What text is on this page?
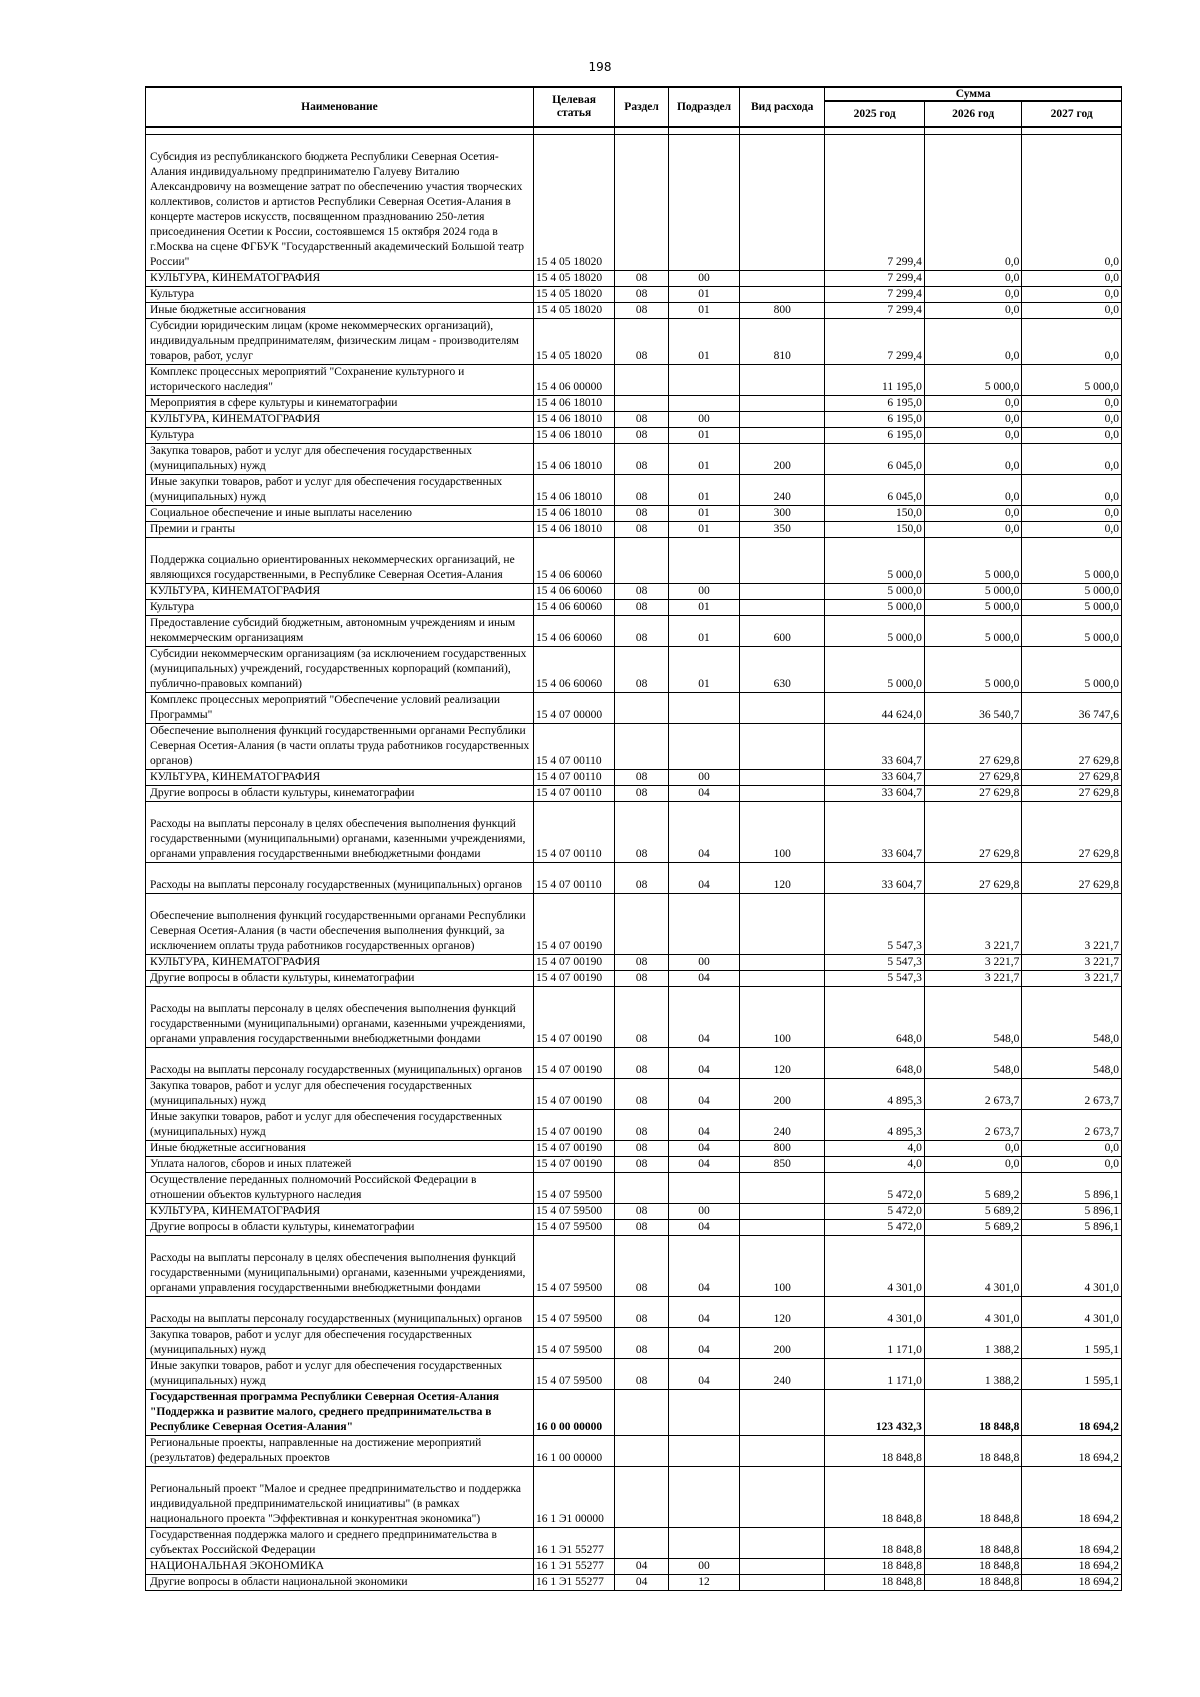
198
Наименование	Целевая статья	Раздел	Подраздел	Вид расхода	Сумма		
					2025 год	2026 год	2027 год

Субсидия из республиканского бюджета Республики Северная Осетия-Алания индивидуальному предпринимателю Галуеву Виталию Александровичу на возмещение затрат по обеспечению участия творческих коллективов, солистов и артистов Республики Северная Осетия-Алания в концерте мастеров искусств, посвященном празднованию 250-летия присоединения Осетии к России, состоявшемся 15 октября 2024 года в г.Москва на сцене ФГБУК "Государственный академический Большой театр России"	15 4 05 18020				7 299,4	0,0	0,0
КУЛЬТУРА, КИНЕМАТОГРАФИЯ	15 4 05 18020	08	00		7 299,4	0,0	0,0
Культура	15 4 05 18020	08	01		7 299,4	0,0	0,0
Иные бюджетные ассигнования	15 4 05 18020	08	01	800	7 299,4	0,0	0,0
Субсидии юридическим лицам (кроме некоммерческих организаций), индивидуальным предпринимателям, физическим лицам - производителям товаров, работ, услуг	15 4 05 18020	08	01	810	7 299,4	0,0	0,0
Комплекс процессных мероприятий "Сохранение культурного и исторического наследия"	15 4 06 00000				11 195,0	5 000,0	5 000,0
Мероприятия в сфере культуры и кинематографии	15 4 06 18010				6 195,0	0,0	0,0
КУЛЬТУРА, КИНЕМАТОГРАФИЯ	15 4 06 18010	08	00		6 195,0	0,0	0,0
Культура	15 4 06 18010	08	01		6 195,0	0,0	0,0
Закупка товаров, работ и услуг для обеспечения государственных (муниципальных) нужд	15 4 06 18010	08	01	200	6 045,0	0,0	0,0
Иные закупки товаров, работ и услуг для обеспечения государственных (муниципальных) нужд	15 4 06 18010	08	01	240	6 045,0	0,0	0,0
Социальное обеспечение и иные выплаты населению	15 4 06 18010	08	01	300	150,0	0,0	0,0
Премии и гранты	15 4 06 18010	08	01	350	150,0	0,0	0,0
Поддержка социально ориентированных некоммерческих организаций, не являющихся государственными, в Республике Северная Осетия-Алания	15 4 06 60060				5 000,0	5 000,0	5 000,0
КУЛЬТУРА, КИНЕМАТОГРАФИЯ	15 4 06 60060	08	00		5 000,0	5 000,0	5 000,0
Культура	15 4 06 60060	08	01		5 000,0	5 000,0	5 000,0
Предоставление субсидий бюджетным, автономным учреждениям и иным некоммерческим организациям	15 4 06 60060	08	01	600	5 000,0	5 000,0	5 000,0
Субсидии некоммерческим организациям (за исключением государственных (муниципальных) учреждений, государственных корпораций (компаний), публично-правовых компаний)	15 4 06 60060	08	01	630	5 000,0	5 000,0	5 000,0
Комплекс процессных мероприятий "Обеспечение условий реализации Программы"	15 4 07 00000				44 624,0	36 540,7	36 747,6
Обеспечение выполнения функций государственными органами Республики Северная Осетия-Алания (в части оплаты труда работников государственных органов)	15 4 07 00110				33 604,7	27 629,8	27 629,8
КУЛЬТУРА, КИНЕМАТОГРАФИЯ	15 4 07 00110	08	00		33 604,7	27 629,8	27 629,8
Другие вопросы в области культуры, кинематографии	15 4 07 00110	08	04		33 604,7	27 629,8	27 629,8
Расходы на выплаты персоналу в целях обеспечения выполнения функций государственными (муниципальными) органами, казенными учреждениями, органами управления государственными внебюджетными фондами	15 4 07 00110	08	04	100	33 604,7	27 629,8	27 629,8
Расходы на выплаты персоналу государственных (муниципальных) органов	15 4 07 00110	08	04	120	33 604,7	27 629,8	27 629,8
Обеспечение выполнения функций государственными органами Республики Северная Осетия-Алания (в части обеспечения выполнения функций, за исключением оплаты труда работников государственных органов)	15 4 07 00190				5 547,3	3 221,7	3 221,7
КУЛЬТУРА, КИНЕМАТОГРАФИЯ	15 4 07 00190	08	00		5 547,3	3 221,7	3 221,7
Другие вопросы в области культуры, кинематографии	15 4 07 00190	08	04		5 547,3	3 221,7	3 221,7
Расходы на выплаты персоналу в целях обеспечения выполнения функций государственными (муниципальными) органами, казенными учреждениями, органами управления государственными внебюджетными фондами	15 4 07 00190	08	04	100	648,0	548,0	548,0
Расходы на выплаты персоналу государственных (муниципальных) органов	15 4 07 00190	08	04	120	648,0	548,0	548,0
Закупка товаров, работ и услуг для обеспечения государственных (муниципальных) нужд	15 4 07 00190	08	04	200	4 895,3	2 673,7	2 673,7
Иные закупки товаров, работ и услуг для обеспечения государственных (муниципальных) нужд	15 4 07 00190	08	04	240	4 895,3	2 673,7	2 673,7
Иные бюджетные ассигнования	15 4 07 00190	08	04	800	4,0	0,0	0,0
Уплата налогов, сборов и иных платежей	15 4 07 00190	08	04	850	4,0	0,0	0,0
Осуществление переданных полномочий Российской Федерации в отношении объектов культурного наследия	15 4 07 59500				5 472,0	5 689,2	5 896,1
КУЛЬТУРА, КИНЕМАТОГРАФИЯ	15 4 07 59500	08	00		5 472,0	5 689,2	5 896,1
Другие вопросы в области культуры, кинематографии	15 4 07 59500	08	04		5 472,0	5 689,2	5 896,1
Расходы на выплаты персоналу в целях обеспечения выполнения функций государственными (муниципальными) органами, казенными учреждениями, органами управления государственными внебюджетными фондами	15 4 07 59500	08	04	100	4 301,0	4 301,0	4 301,0
Расходы на выплаты персоналу государственных (муниципальных) органов	15 4 07 59500	08	04	120	4 301,0	4 301,0	4 301,0
Закупка товаров, работ и услуг для обеспечения государственных (муниципальных) нужд	15 4 07 59500	08	04	200	1 171,0	1 388,2	1 595,1
Иные закупки товаров, работ и услуг для обеспечения государственных (муниципальных) нужд	15 4 07 59500	08	04	240	1 171,0	1 388,2	1 595,1
Государственная программа Республики Северная Осетия-Алания "Поддержка и развитие малого, среднего предпринимательства в Республике Северная Осетия-Алания"	16 0 00 00000				123 432,3	18 848,8	18 694,2
Региональные проекты, направленные на достижение мероприятий (результатов) федеральных проектов	16 1 00 00000				18 848,8	18 848,8	18 694,2
Региональный проект "Малое и среднее предпринимательство и поддержка индивидуальной предпринимательской инициативы" (в рамках национального проекта "Эффективная и конкурентная экономика")	16 1 Э1 00000				18 848,8	18 848,8	18 694,2
Государственная поддержка малого и среднего предпринимательства в субъектах Российской Федерации	16 1 Э1 55277				18 848,8	18 848,8	18 694,2
НАЦИОНАЛЬНАЯ ЭКОНОМИКА	16 1 Э1 55277	04	00		18 848,8	18 848,8	18 694,2
Другие вопросы в области национальной экономики	16 1 Э1 55277	04	12		18 848,8	18 848,8	18 694,2
